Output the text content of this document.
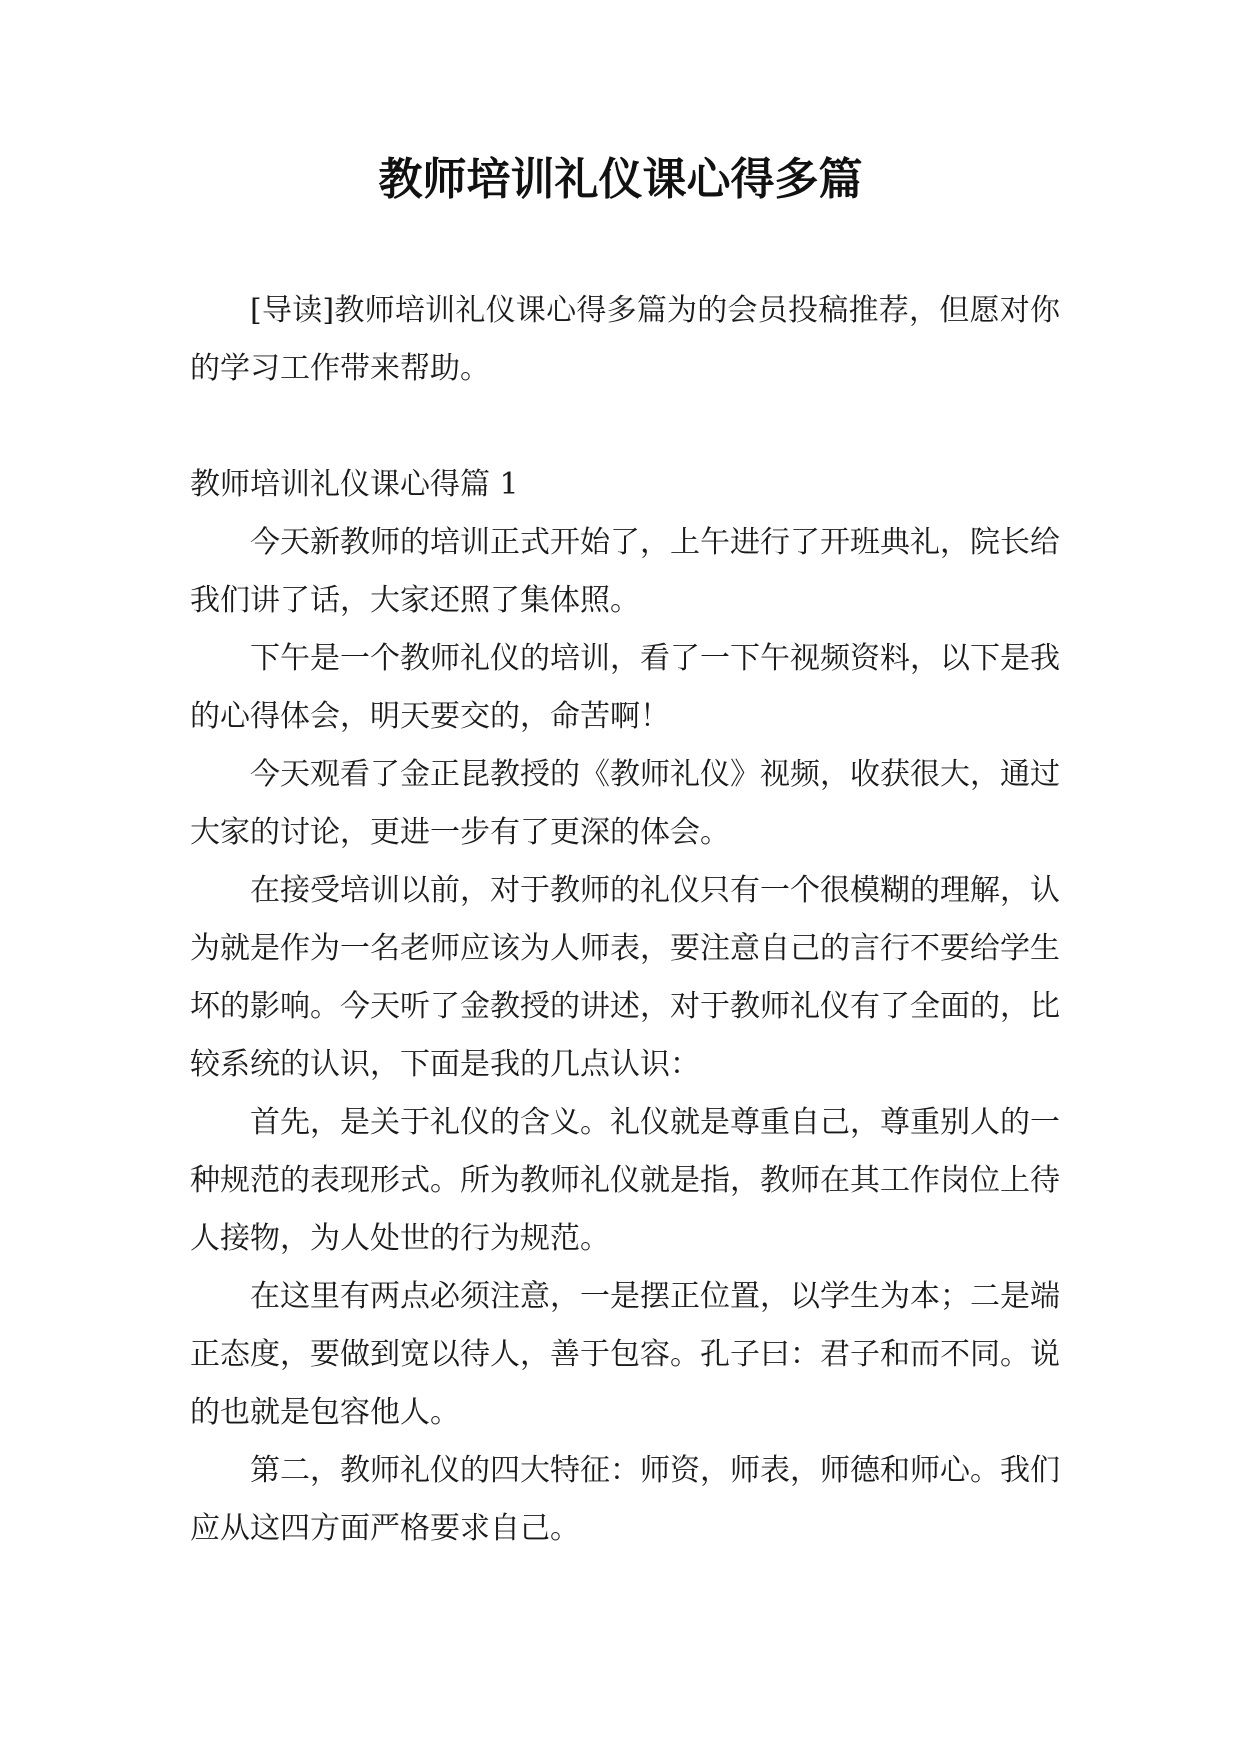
教师培训礼仪课心得多篇

[导读]教师培训礼仪课心得多篇为的会员投稿推荐，但愿对你的学习工作带来帮助。

教师培训礼仪课心得篇 1

今天新教师的培训正式开始了，上午进行了开班典礼，院长给我们讲了话，大家还照了集体照。

下午是一个教师礼仪的培训，看了一下午视频资料，以下是我的心得体会，明天要交的，命苦啊！

今天观看了金正昆教授的《教师礼仪》视频，收获很大，通过大家的讨论，更进一步有了更深的体会。

在接受培训以前，对于教师的礼仪只有一个很模糊的理解，认为就是作为一名老师应该为人师表，要注意自己的言行不要给学生坏的影响。今天听了金教授的讲述，对于教师礼仪有了全面的，比较系统的认识，下面是我的几点认识：

首先，是关于礼仪的含义。礼仪就是尊重自己，尊重别人的一种规范的表现形式。所为教师礼仪就是指，教师在其工作岗位上待人接物，为人处世的行为规范。

在这里有两点必须注意，一是摆正位置，以学生为本；二是端正态度，要做到宽以待人，善于包容。孔子曰：君子和而不同。说的也就是包容他人。

第二，教师礼仪的四大特征：师资，师表，师德和师心。我们应从这四方面严格要求自己。
